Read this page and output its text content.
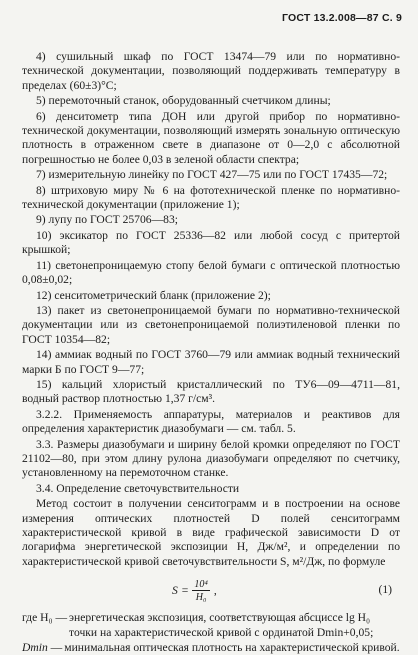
ГОСТ 13.2.008—87 С. 9

4) сушильный шкаф по ГОСТ 13474—79 или по нормативно-технической документации, позволяющий поддерживать температуру в пределах (60±3)°С;

5) перемоточный станок, оборудованный счетчиком длины;

6) денситометр типа ДОН или другой прибор по нормативно-технической документации, позволяющий измерять зональную оптическую плотность в отраженном свете в диапазоне от 0—2,0 с абсолютной погрешностью не более 0,03 в зеленой области спектра;

7) измерительную линейку по ГОСТ 427—75 или по ГОСТ 17435—72;

8) штриховую миру № 6 на фототехнической пленке по нормативно-технической документации (приложение 1);

9) лупу по ГОСТ 25706—83;

10) эксикатор по ГОСТ 25336—82 или любой сосуд с притертой крышкой;

11) светонепроницаемую стопу белой бумаги с оптической плотностью 0,08±0,02;

12) сенситометрический бланк (приложение 2);

13) пакет из светонепроницаемой бумаги по нормативно-технической документации или из светонепроницаемой полиэтиленовой пленки по ГОСТ 10354—82;

14) аммиак водный по ГОСТ 3760—79 или аммиак водный технический марки Б по ГОСТ 9—77;

15) кальций хлористый кристаллический по ТУ6—09—4711—81, водный раствор плотностью 1,37 г/см³.

3.2.2. Применяемость аппаратуры, материалов и реактивов для определения характеристик диазобумаги — см. табл. 5.

3.3. Размеры диазобумаги и ширину белой кромки определяют по ГОСТ 21102—80, при этом длину рулона диазобумаги определяют по счетчику, установленному на перемоточном станке.

3.4. Определение светочувствительности

Метод состоит в получении сенситограмм и в построении на основе измерения оптических плотностей D полей сенситограмм характеристической кривой в виде графической зависимости D от логарифма энергетической экспозиции H, Дж/м², и определении по характеристической кривой светочувствительности S, м²/Дж, по формуле

$S = \frac{\text{10⁴}}{\text{H₀}}$ ,	(1)
где H₀ — энергетическая экспозиция, соответствующая абсциссе lg H₀ точки на характеристической кривой с ординатой Dmin+0,05;
Dmin — минимальная оптическая плотность на характеристической кривой.
